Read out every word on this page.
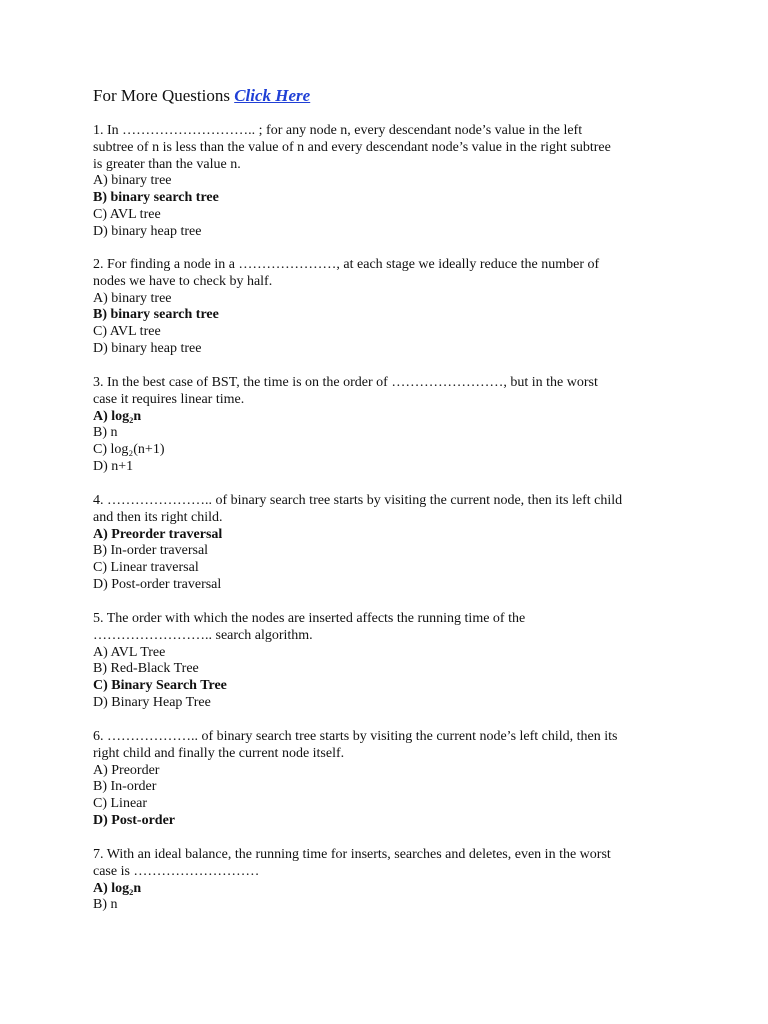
For More Questions Click Here
1. In ……………………….. ; for any node n, every descendant node’s value in the left
subtree of n is less than the value of n and every descendant node’s value in the right subtree
is greater than the value n.
A) binary tree
B) binary search tree
C) AVL tree
D) binary heap tree
2. For finding a node in a …………………, at each stage we ideally reduce the number of
nodes we have to check by half.
A) binary tree
B) binary search tree
C) AVL tree
D) binary heap tree
3. In the best case of BST, the time is on the order of ……………………, but in the worst
case it requires linear time.
A) log₂n
B) n
C) log₂(n+1)
D) n+1
4. ………………….. of binary search tree starts by visiting the current node, then its left child
and then its right child.
A) Preorder traversal
B) In-order traversal
C) Linear traversal
D) Post-order traversal
5. The order with which the nodes are inserted affects the running time of the
…………………….. search algorithm.
A) AVL Tree
B) Red-Black Tree
C) Binary Search Tree
D) Binary Heap Tree
6. ……………….. of binary search tree starts by visiting the current node’s left child, then its
right child and finally the current node itself.
A) Preorder
B) In-order
C) Linear
D) Post-order
7. With an ideal balance, the running time for inserts, searches and deletes, even in the worst
case is ………………………
A) log₂n
B) n
